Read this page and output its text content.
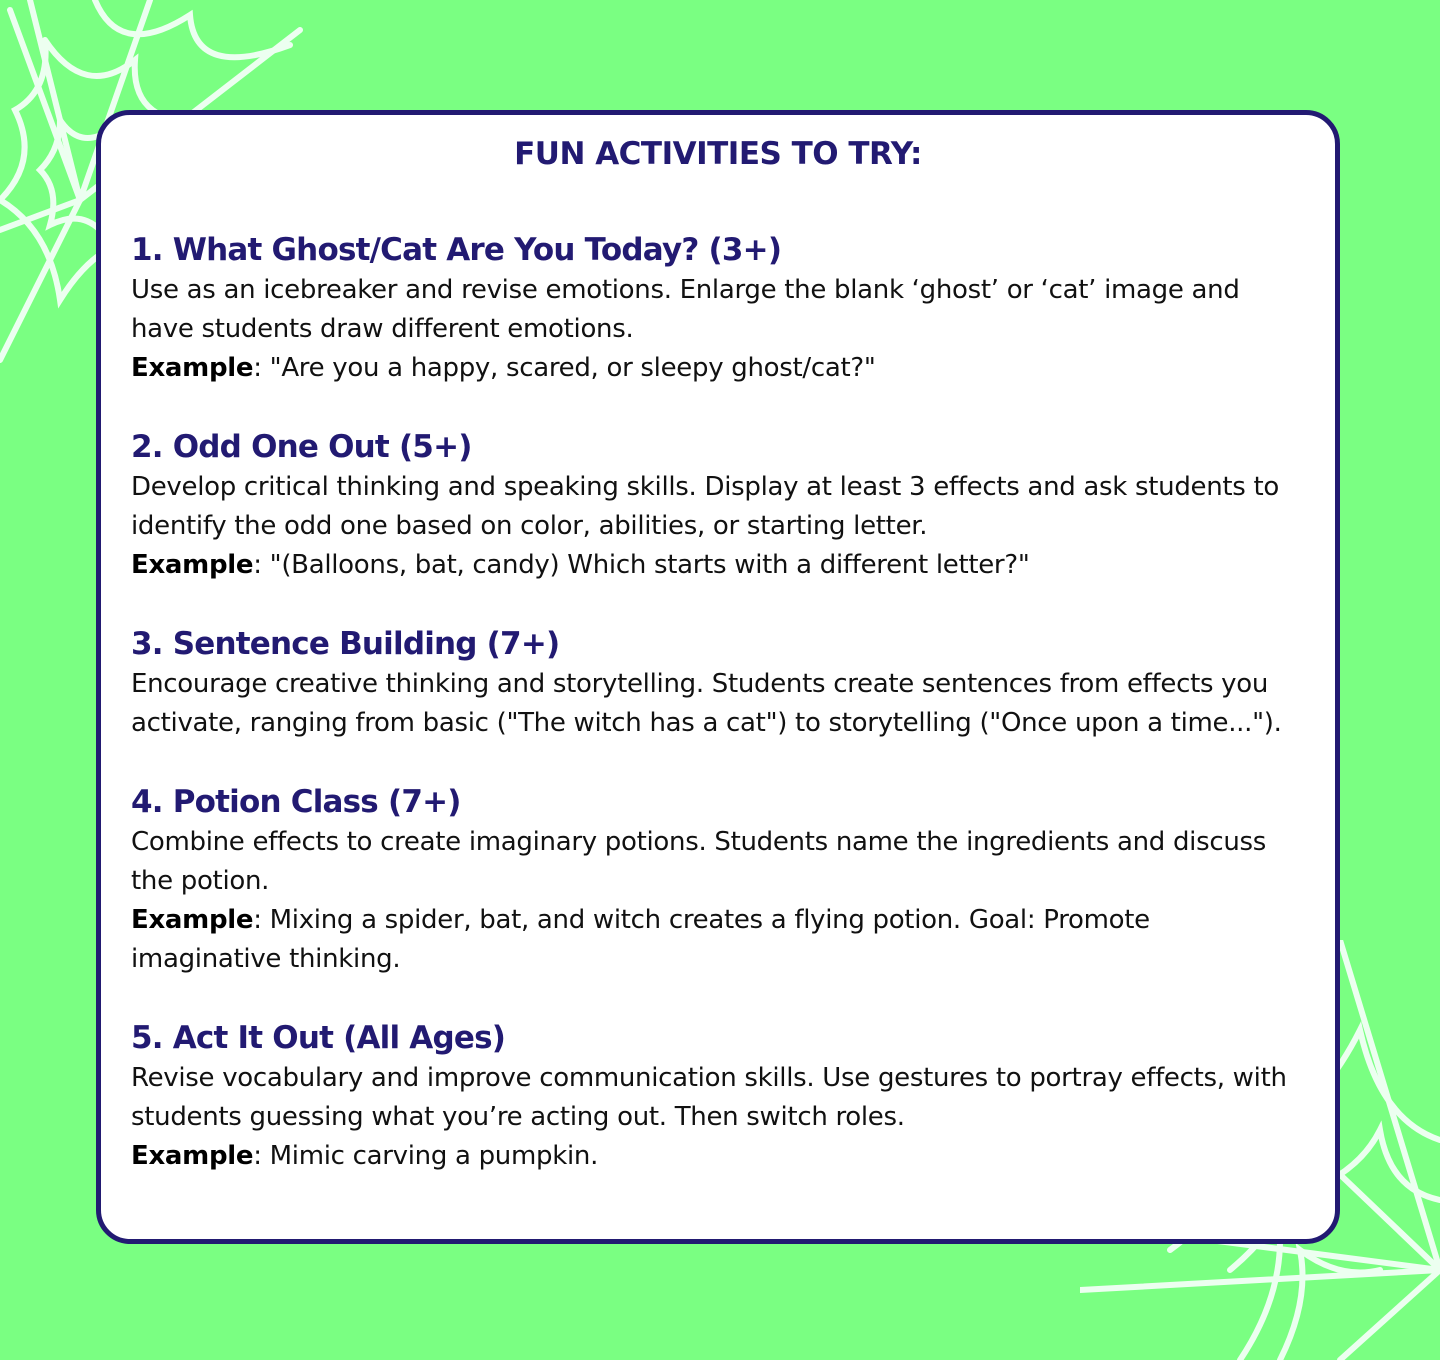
FUN ACTIVITIES TO TRY:
1. What Ghost/Cat Are You Today? (3+)

Use as an icebreaker and revise emotions. Enlarge the blank ‘ghost’ or ‘cat’ image and have students draw different emotions.

Example: "Are you a happy, scared, or sleepy ghost/cat?"

2. Odd One Out (5+)

Develop critical thinking and speaking skills. Display at least 3 effects and ask students to identify the odd one based on color, abilities, or starting letter.

Example: "(Balloons, bat, candy) Which starts with a different letter?"

3. Sentence Building (7+)

Encourage creative thinking and storytelling. Students create sentences from effects you activate, ranging from basic ("The witch has a cat") to storytelling ("Once upon a time...").

4. Potion Class (7+)

Combine effects to create imaginary potions. Students name the ingredients and discuss the potion.

Example: Mixing a spider, bat, and witch creates a flying potion. Goal: Promote imaginative thinking.

5. Act It Out (All Ages)

Revise vocabulary and improve communication skills. Use gestures to portray effects, with students guessing what you’re acting out. Then switch roles.

Example: Mimic carving a pumpkin.
